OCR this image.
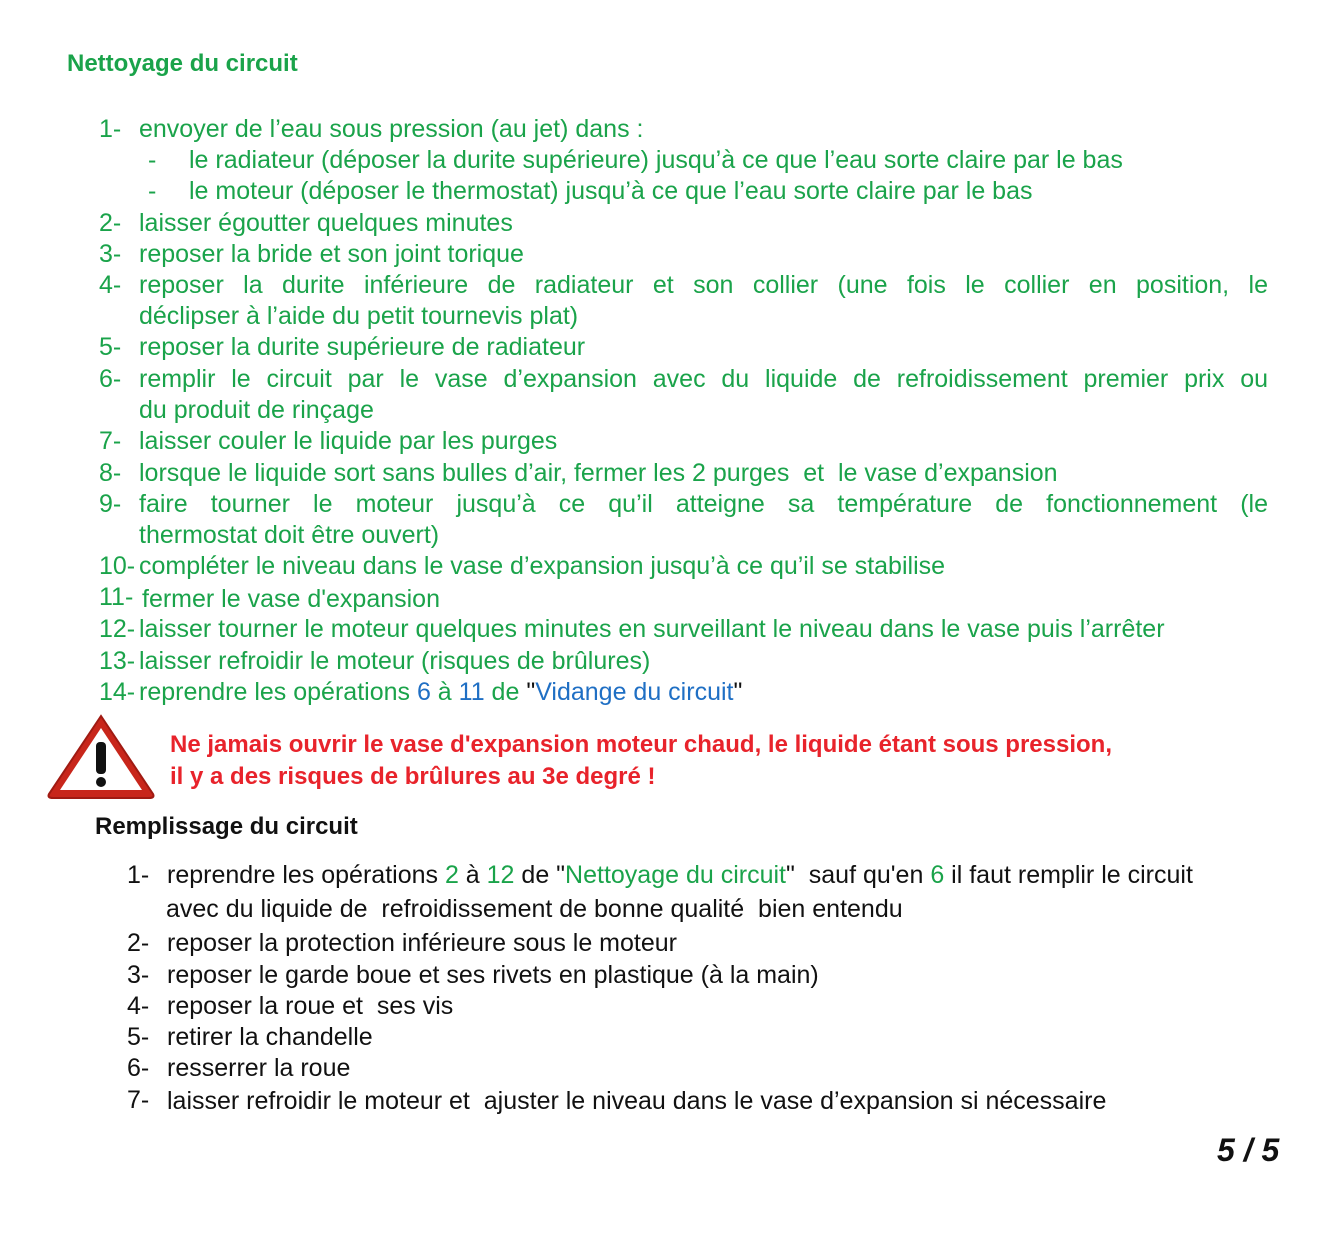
Nettoyage du circuit
1- envoyer de l’eau sous pression (au jet) dans :
- le radiateur (déposer la durite supérieure) jusqu’à ce que l’eau sorte claire par le bas
- le moteur (déposer le thermostat) jusqu’à ce que l’eau sorte claire par le bas
2- laisser égoutter quelques minutes
3- reposer la bride et son joint torique
4- reposer la durite inférieure de radiateur et son collier (une fois le collier en position, le
déclipser à l’aide du petit tournevis plat)
5- reposer la durite supérieure de radiateur
6- remplir le circuit par le vase d’expansion avec du liquide de refroidissement premier prix ou
du produit de rinçage
7- laisser couler le liquide par les purges
8- lorsque le liquide sort sans bulles d’air, fermer les 2 purges  et  le vase d’expansion
9- faire tourner le moteur jusqu’à ce qu’il atteigne sa température de fonctionnement (le
thermostat doit être ouvert)
10- compléter le niveau dans le vase d’expansion jusqu’à ce qu’il se stabilise
11- fermer le vase d'expansion
12- laisser tourner le moteur quelques minutes en surveillant le niveau dans le vase puis l’arrêter
13- laisser refroidir le moteur (risques de brûlures)
14- reprendre les opérations 6 à 11 de "Vidange du circuit"
Ne jamais ouvrir le vase d'expansion moteur chaud, le liquide étant sous pression,
il y a des risques de brûlures au 3e degré !
Remplissage du circuit
1- reprendre les opérations 2 à 12 de "Nettoyage du circuit"  sauf qu'en 6 il faut remplir le circuit
avec du liquide de  refroidissement de bonne qualité  bien entendu
2- reposer la protection inférieure sous le moteur
3- reposer le garde boue et ses rivets en plastique (à la main)
4- reposer la roue et  ses vis
5- retirer la chandelle
6- resserrer la roue
7- laisser refroidir le moteur et  ajuster le niveau dans le vase d’expansion si nécessaire
5 / 5
